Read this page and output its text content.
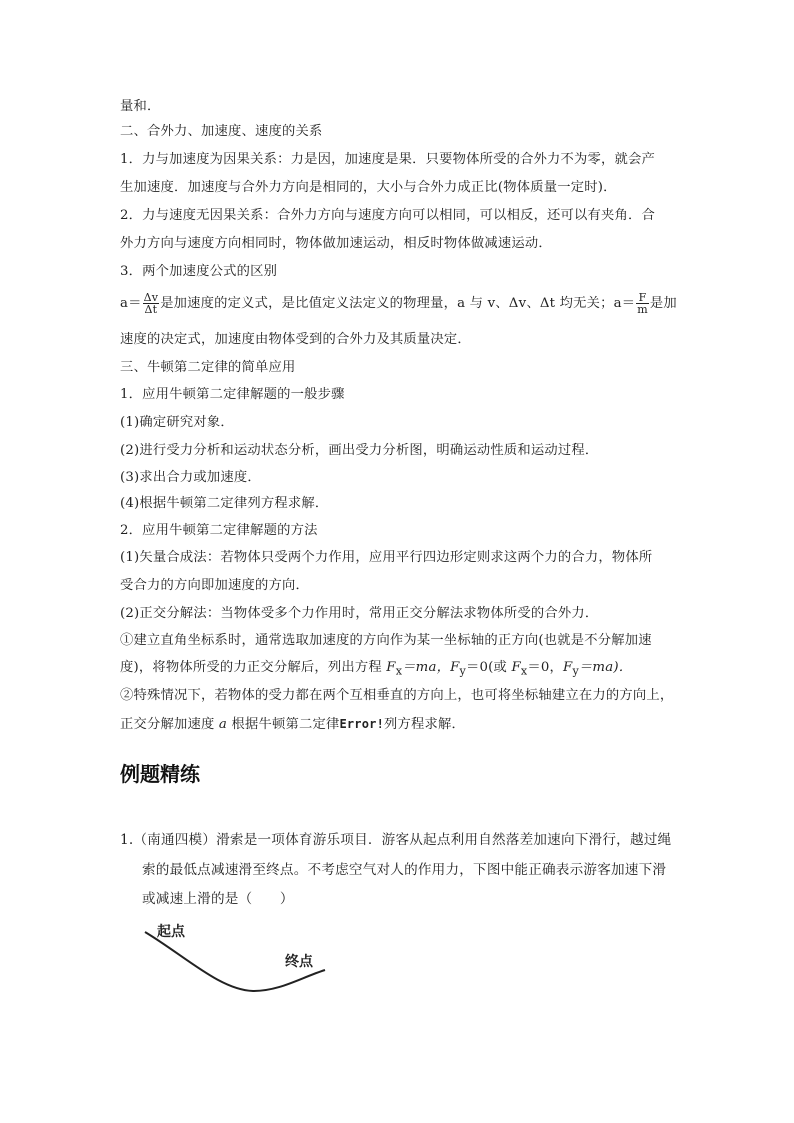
量和．
二、合外力、加速度、速度的关系
1．力与加速度为因果关系：力是因，加速度是果．只要物体所受的合外力不为零，就会产
生加速度．加速度与合外力方向是相同的，大小与合外力成正比(物体质量一定时)．
2．力与速度无因果关系：合外力方向与速度方向可以相同，可以相反，还可以有夹角．合
外力方向与速度方向相同时，物体做加速运动，相反时物体做减速运动．
3．两个加速度公式的区别
$a= \frac{\Delta v}{\Delta t}$ 是加速度的定义式，是比值定义法定义的物理量，a 与 v、Δv、Δt 均无关；$a= \frac{F}{m}$ 是加
速度的决定式，加速度由物体受到的合外力及其质量决定．
三、牛顿第二定律的简单应用
1．应用牛顿第二定律解题的一般步骤
(1)确定研究对象．
(2)进行受力分析和运动状态分析，画出受力分析图，明确运动性质和运动过程．
(3)求出合力或加速度．
(4)根据牛顿第二定律列方程求解．
2．应用牛顿第二定律解题的方法
(1)矢量合成法：若物体只受两个力作用，应用平行四边形定则求这两个力的合力，物体所
受合力的方向即加速度的方向．
(2)正交分解法：当物体受多个力作用时，常用正交分解法求物体所受的合外力．
①建立直角坐标系时，通常选取加速度的方向作为某一坐标轴的正方向(也就是不分解加速
度)，将物体所受的力正交分解后，列出方程 $F_x=ma$，$F_y=0$(或 $F_x=0$，$F_y=ma$)．
②特殊情况下，若物体的受力都在两个互相垂直的方向上，也可将坐标轴建立在力的方向上，
正交分解加速度 a 根据牛顿第二定律Error!列方程求解．
例题精练
1.（南通四模）滑索是一项体育游乐项目．游客从起点利用自然落差加速向下滑行，越过绳
索的最低点减速滑至终点。不考虑空气对人的作用力，下图中能正确表示游客加速下滑
或减速上滑的是（　　）
起点
终点
